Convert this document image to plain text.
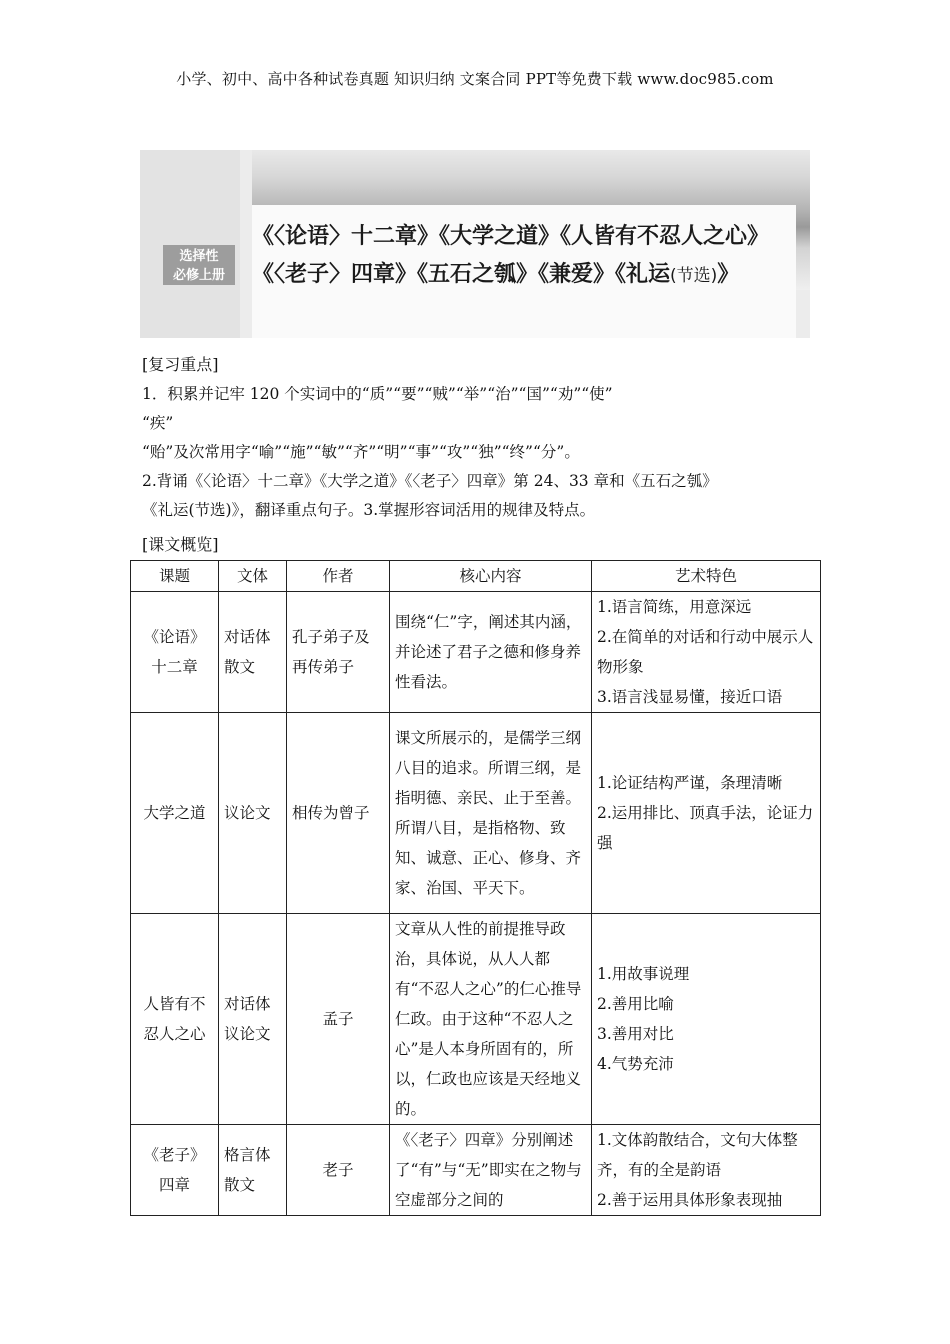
小学、初中、高中各种试卷真题 知识归纳 文案合同 PPT等免费下载 www.doc985.com
选择性
必修上册
《〈论语〉十二章》《大学之道》《人皆有不忍人之心》
《〈老子〉四章》《五石之瓠》《兼爱》《礼运(节选)》
[复习重点]
1．积累并记牢 120 个实词中的“质”“要”“贼”“举”“治”“国”“劝”“使”
“疾”
“贻”及次常用字“喻”“施”“敏”“齐”“明”“事”“攻”“独”“终”“分”。
2.背诵《〈论语〉十二章》《大学之道》《〈老子〉四章》第 24、33 章和《五石之瓠》
《礼运(节选)》，翻译重点句子。3.掌握形容词活用的规律及特点。
[课文概览]
课题	文体	作者	核心内容	艺术特色
《论语》十二章	对话体散文	孔子弟子及再传弟子	围绕“仁”字，阐述其内涵，并论述了君子之德和修身养性看法。	1.语言简练，用意深远
2.在简单的对话和行动中展示人物形象
3.语言浅显易懂，接近口语

大学之道	议论文	相传为曾子	课文所展示的，是儒学三纲八目的追求。所谓三纲，是指明德、亲民、止于至善。所谓八目，是指格物、致知、诚意、正心、修身、齐家、治国、平天下。	1.论证结构严谨，条理清晰
2.运用排比、顶真手法，论证力强

人皆有不忍人之心	对话体议论文	孟子	文章从人性的前提推导政治，具体说，从人人都有“不忍人之心”的仁心推导仁政。由于这种“不忍人之心”是人本身所固有的，所以，仁政也应该是天经地义的。	1.用故事说理
2.善用比喻
3.善用对比
4.气势充沛

《老子》四章	格言体散文	老子	《〈老子〉四章》分别阐述了“有”与“无”即实在之物与空虚部分之间的	1.文体韵散结合，文句大体整齐，有的全是韵语
2.善于运用具体形象表现抽
